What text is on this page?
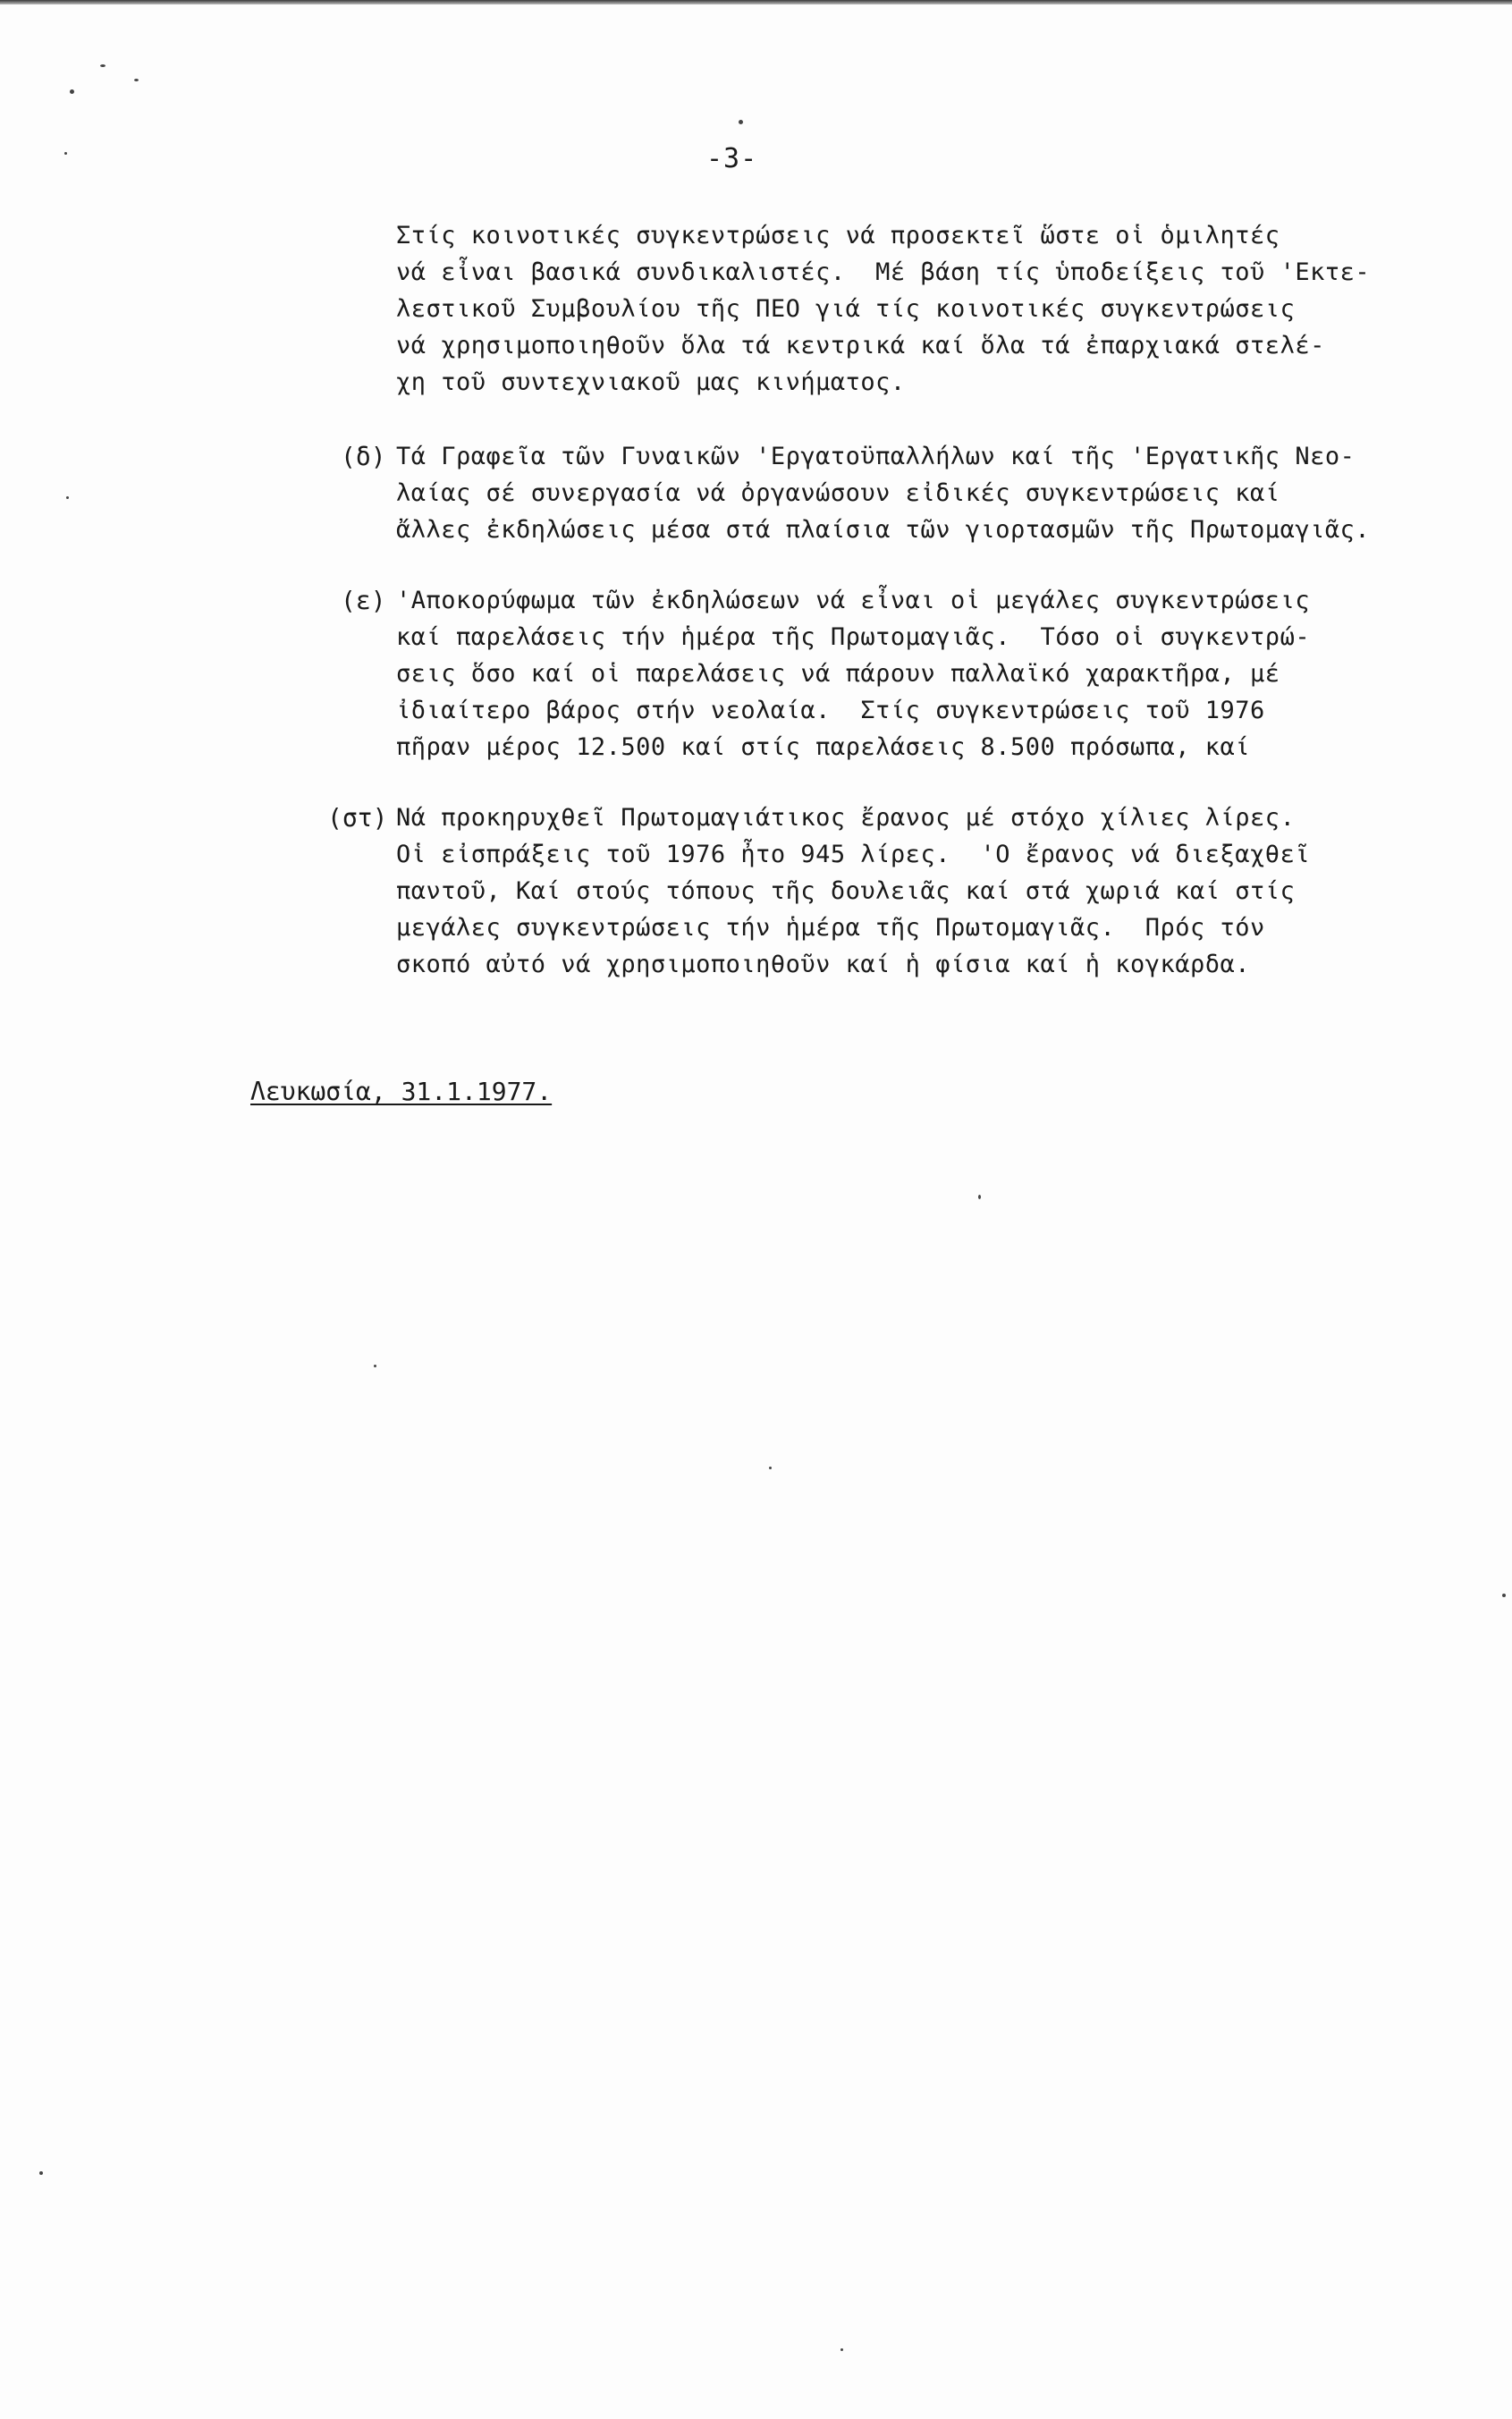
-3-
Στίς κοινοτικές συγκεντρώσεις νά προσεκτεῖ ὥστε οἱ ὁμιλητές
νά εἶναι βασικά συνδικαλιστές.  Μέ βάση τίς ὑποδείξεις τοῦ 'Εκτε-
λεστικοῦ Συμβουλίου τῆς ΠΕΟ γιά τίς κοινοτικές συγκεντρώσεις
νά χρησιμοποιηθοῦν ὅλα τά κεντρικά καί ὅλα τά ἐπαρχιακά στελέ-
χη τοῦ συντεχνιακοῦ μας κινήματος.
(δ) Τά Γραφεῖα τῶν Γυναικῶν 'Εργατοϋπαλλήλων καί τῆς 'Εργατικῆς Νεο-
λαίας σέ συνεργασία νά ὀργανώσουν εἰδικές συγκεντρώσεις καί
ἄλλες ἐκδηλώσεις μέσα στά πλαίσια τῶν γιορτασμῶν τῆς Πρωτομαγιᾶς.
(ε) 'Αποκορύφωμα τῶν ἐκδηλώσεων νά εἶναι οἱ μεγάλες συγκεντρώσεις
καί παρελάσεις τήν ἡμέρα τῆς Πρωτομαγιᾶς.  Τόσο οἱ συγκεντρώ-
σεις ὅσο καί οἱ παρελάσεις νά πάρουν παλλαϊκό χαρακτῆρα, μέ
ἰδιαίτερο βάρος στήν νεολαία.  Στίς συγκεντρώσεις τοῦ 1976
πῆραν μέρος 12.500 καί στίς παρελάσεις 8.500 πρόσωπα, καί
(στ) Νά προκηρυχθεῖ Πρωτομαγιάτικος ἔρανος μέ στόχο χίλιες λίρες.
Οἱ εἰσπράξεις τοῦ 1976 ἦτο 945 λίρες.  'Ο ἔρανος νά διεξαχθεῖ
παντοῦ, Καί στούς τόπους τῆς δουλειᾶς καί στά χωριά καί στίς
μεγάλες συγκεντρώσεις τήν ἡμέρα τῆς Πρωτομαγιᾶς.  Πρός τόν
σκοπό αὐτό νά χρησιμοποιηθοῦν καί ἡ φίσια καί ἡ κογκάρδα.
Λευκωσία, 31.1.1977.
